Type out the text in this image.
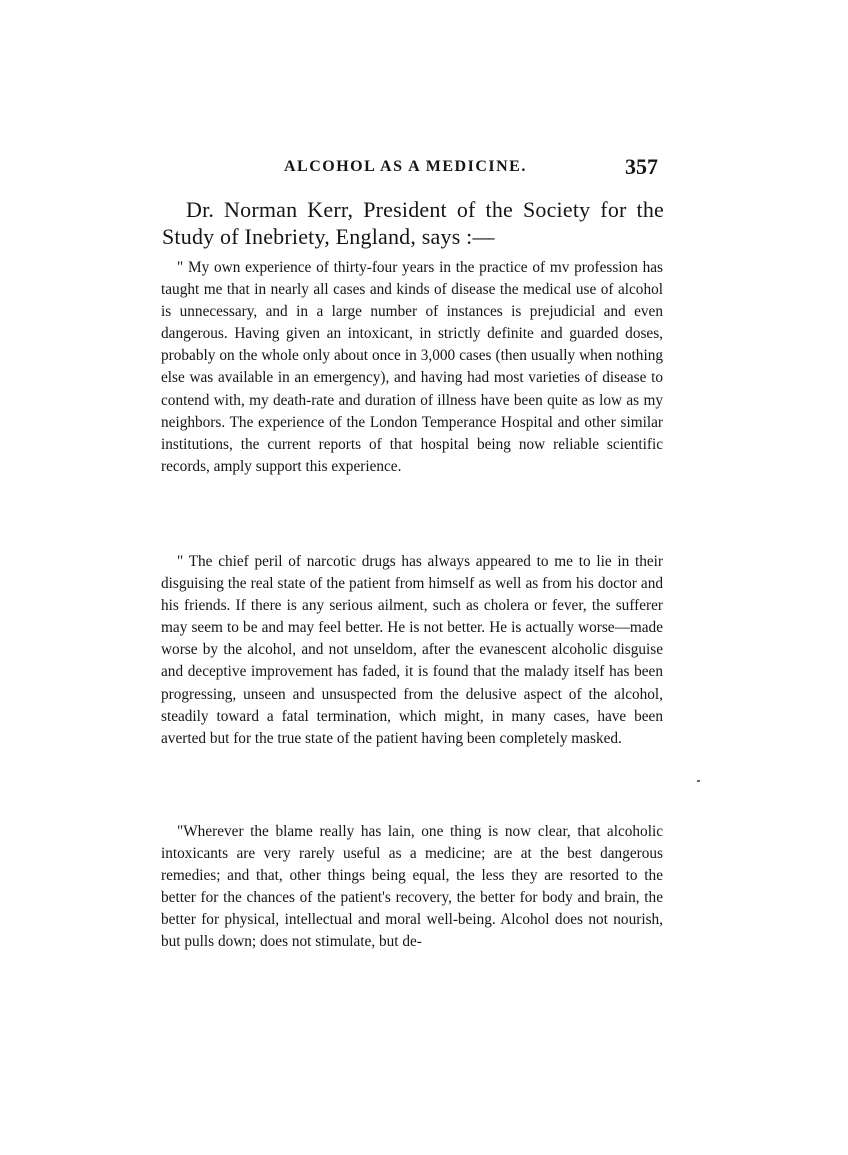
ALCOHOL AS A MEDICINE.	357
Dr. Norman Kerr, President of the Society for the Study of Inebriety, England, says :—

" My own experience of thirty-four years in the practice of mv profession has taught me that in nearly all cases and kinds of disease the medical use of alcohol is unnecessary, and in a large number of instances is prejudicial and even dangerous. Having given an intoxicant, in strictly definite and guarded doses, probably on the whole only about once in 3,000 cases (then usually when nothing else was available in an emergency), and having had most varieties of disease to contend with, my death-rate and duration of illness have been quite as low as my neighbors. The experience of the London Temperance Hospital and other similar institutions, the current reports of that hospital being now reliable scientific records, amply support this experience.

" The chief peril of narcotic drugs has always appeared to me to lie in their disguising the real state of the patient from himself as well as from his doctor and his friends. If there is any serious ailment, such as cholera or fever, the sufferer may seem to be and may feel better. He is not better. He is actually worse—made worse by the alcohol, and not unseldom, after the evanescent alcoholic disguise and deceptive improvement has faded, it is found that the malady itself has been progressing, unseen and unsuspected from the delusive aspect of the alcohol, steadily toward a fatal termination, which might, in many cases, have been averted but for the true state of the patient having been completely masked.

"Wherever the blame really has lain, one thing is now clear, that alcoholic intoxicants are very rarely useful as a medicine; are at the best dangerous remedies; and that, other things being equal, the less they are resorted to the better for the chances of the patient's recovery, the better for body and brain, the better for physical, intellectual and moral well-being. Alcohol does not nourish, but pulls down; does not stimulate, but de-
